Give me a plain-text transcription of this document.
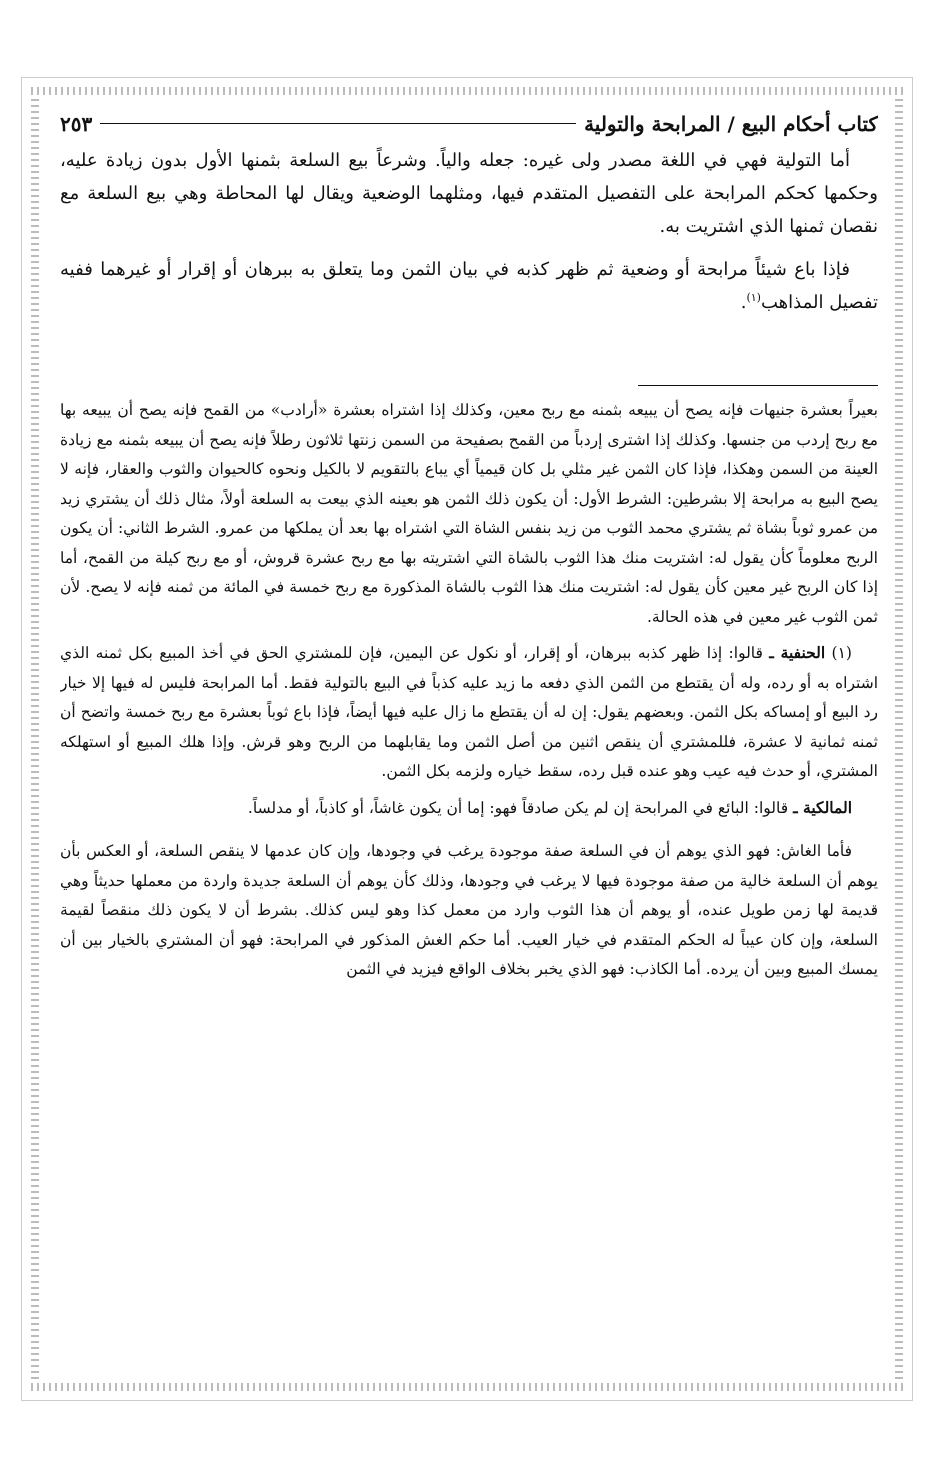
كتاب أحكام البيع / المرابحة والتولية
٢٥٣

أما التولية فهي في اللغة مصدر ولى غيره: جعله والياً. وشرعاً بيع السلعة بثمنها الأول بدون زيادة عليه، وحكمها كحكم المرابحة على التفصيل المتقدم فيها، ومثلهما الوضعية ويقال لها المحاطة وهي بيع السلعة مع نقصان ثمنها الذي اشتريت به.

فإذا باع شيئاً مرابحة أو وضعية ثم ظهر كذبه في بيان الثمن وما يتعلق به ببرهان أو إقرار أو غيرهما ففيه تفصيل المذاهب$^{(١)}$.

بعيراً بعشرة جنيهات فإنه يصح أن يبيعه بثمنه مع ربح معين، وكذلك إذا اشتراه بعشرة «أرادب» من القمح فإنه يصح أن يبيعه بها مع ربح إردب من جنسها. وكذلك إذا اشترى إردباً من القمح بصفيحة من السمن زنتها ثلاثون رطلاً فإنه يصح أن يبيعه بثمنه مع زيادة العينة من السمن وهكذا، فإذا كان الثمن غير مثلي بل كان قيمياً أي يباع بالتقويم لا بالكيل ونحوه كالحيوان والثوب والعقار، فإنه لا يصح البيع به مرابحة إلا بشرطين: الشرط الأول: أن يكون ذلك الثمن هو بعينه الذي بيعت به السلعة أولاً، مثال ذلك أن يشتري زيد من عمرو ثوباً بشاة ثم يشتري محمد الثوب من زيد بنفس الشاة التي اشتراه بها بعد أن يملكها من عمرو. الشرط الثاني: أن يكون الربح معلوماً كأن يقول له: اشتريت منك هذا الثوب بالشاة التي اشتريته بها مع ربح عشرة قروش، أو مع ربح كيلة من القمح، أما إذا كان الربح غير معين كأن يقول له: اشتريت منك هذا الثوب بالشاة المذكورة مع ربح خمسة في المائة من ثمنه فإنه لا يصح. لأن ثمن الثوب غير معين في هذه الحالة.

(١) الحنفية ـ قالوا: إذا ظهر كذبه ببرهان، أو إقرار، أو نكول عن اليمين، فإن للمشتري الحق في أخذ المبيع بكل ثمنه الذي اشتراه به أو رده، وله أن يقتطع من الثمن الذي دفعه ما زيد عليه كذباً في البيع بالتولية فقط. أما المرابحة فليس له فيها إلا خيار رد البيع أو إمساكه بكل الثمن. وبعضهم يقول: إن له أن يقتطع ما زال عليه فيها أيضاً، فإذا باع ثوباً بعشرة مع ربح خمسة واتضح أن ثمنه ثمانية لا عشرة، فللمشتري أن ينقص اثنين من أصل الثمن وما يقابلهما من الربح وهو قرش. وإذا هلك المبيع أو استهلكه المشتري، أو حدث فيه عيب وهو عنده قبل رده، سقط خياره ولزمه بكل الثمن.

المالكية ـ قالوا: البائع في المرابحة إن لم يكن صادقاً فهو: إما أن يكون غاشاً، أو كاذباً، أو مدلساً.

فأما الغاش: فهو الذي يوهم أن في السلعة صفة موجودة يرغب في وجودها، وإن كان عدمها لا ينقص السلعة، أو العكس بأن يوهم أن السلعة خالية من صفة موجودة فيها لا يرغب في وجودها، وذلك كأن يوهم أن السلعة جديدة واردة من معملها حديثاً وهي قديمة لها زمن طويل عنده، أو يوهم أن هذا الثوب وارد من معمل كذا وهو ليس كذلك. بشرط أن لا يكون ذلك منقصاً لقيمة السلعة، وإن كان عيباً له الحكم المتقدم في خيار العيب. أما حكم الغش المذكور في المرابحة: فهو أن المشتري بالخيار بين أن يمسك المبيع وبين أن يرده. أما الكاذب: فهو الذي يخبر بخلاف الواقع فيزيد في الثمن
